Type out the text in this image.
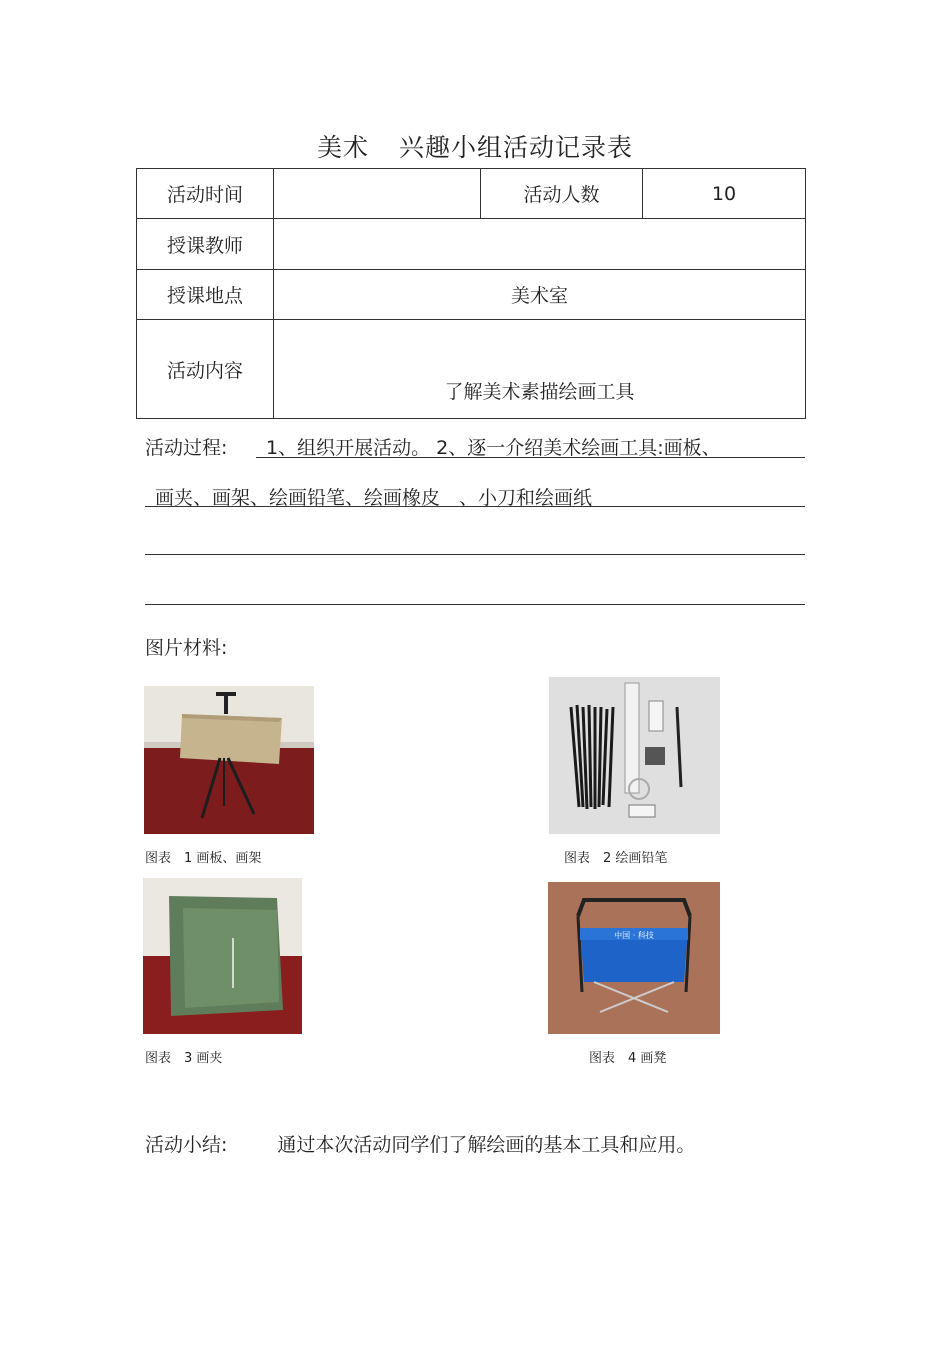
美术 兴趣小组活动记录表
活动时间		活动人数	10
授课教师			
授课地点	美术室		
活动内容	了解美术素描绘画工具		
活动过程: 1、组织开展活动。 2、逐一介绍美术绘画工具:画板、
画夹、画架、绘画铅笔、绘画橡皮　、小刀和绘画纸
图片材料:
图表　1 画板、画架	图表　2 绘画铅笔
中国 · 科技
图表　3 画夹	图表　4 画凳
活动小结:	通过本次活动同学们了解绘画的基本工具和应用。
